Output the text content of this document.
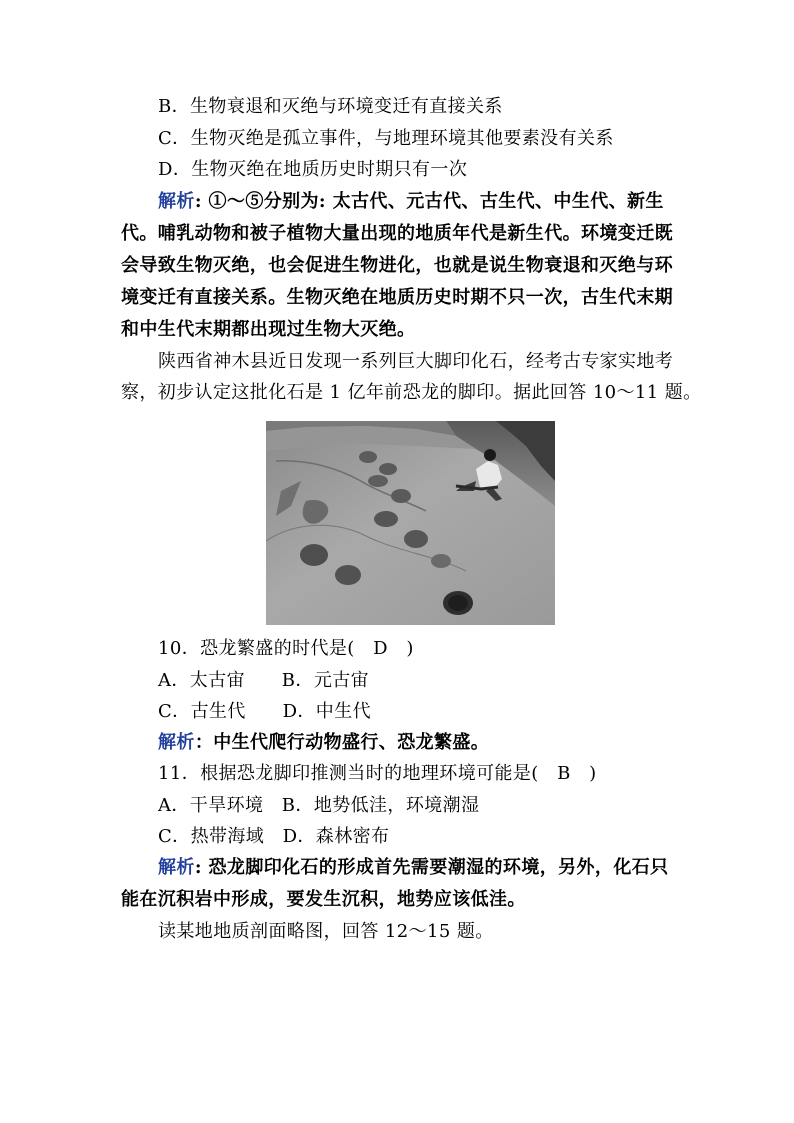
B．生物衰退和灭绝与环境变迁有直接关系
C．生物灭绝是孤立事件，与地理环境其他要素没有关系
D．生物灭绝在地质历史时期只有一次
解析: ①～⑤分别为: 太古代、元古代、古生代、中生代、新生
代。哺乳动物和被子植物大量出现的地质年代是新生代。环境变迁既
会导致生物灭绝，也会促进生物进化，也就是说生物衰退和灭绝与环
境变迁有直接关系。生物灭绝在地质历史时期不只一次，古生代末期
和中生代末期都出现过生物大灭绝。
陕西省神木县近日发现一系列巨大脚印化石，经考古专家实地考
察，初步认定这批化石是 1 亿年前恐龙的脚印。据此回答 10～11 题。
10．恐龙繁盛的时代是(　D　)
A．太古宙　　B．元古宙
C．古生代　　D．中生代
解析：中生代爬行动物盛行、恐龙繁盛。
11．根据恐龙脚印推测当时的地理环境可能是(　B　)
A．干旱环境　B．地势低洼，环境潮湿
C．热带海域　D．森林密布
解析: 恐龙脚印化石的形成首先需要潮湿的环境，另外，化石只
能在沉积岩中形成，要发生沉积，地势应该低洼。
读某地地质剖面略图，回答 12～15 题。
